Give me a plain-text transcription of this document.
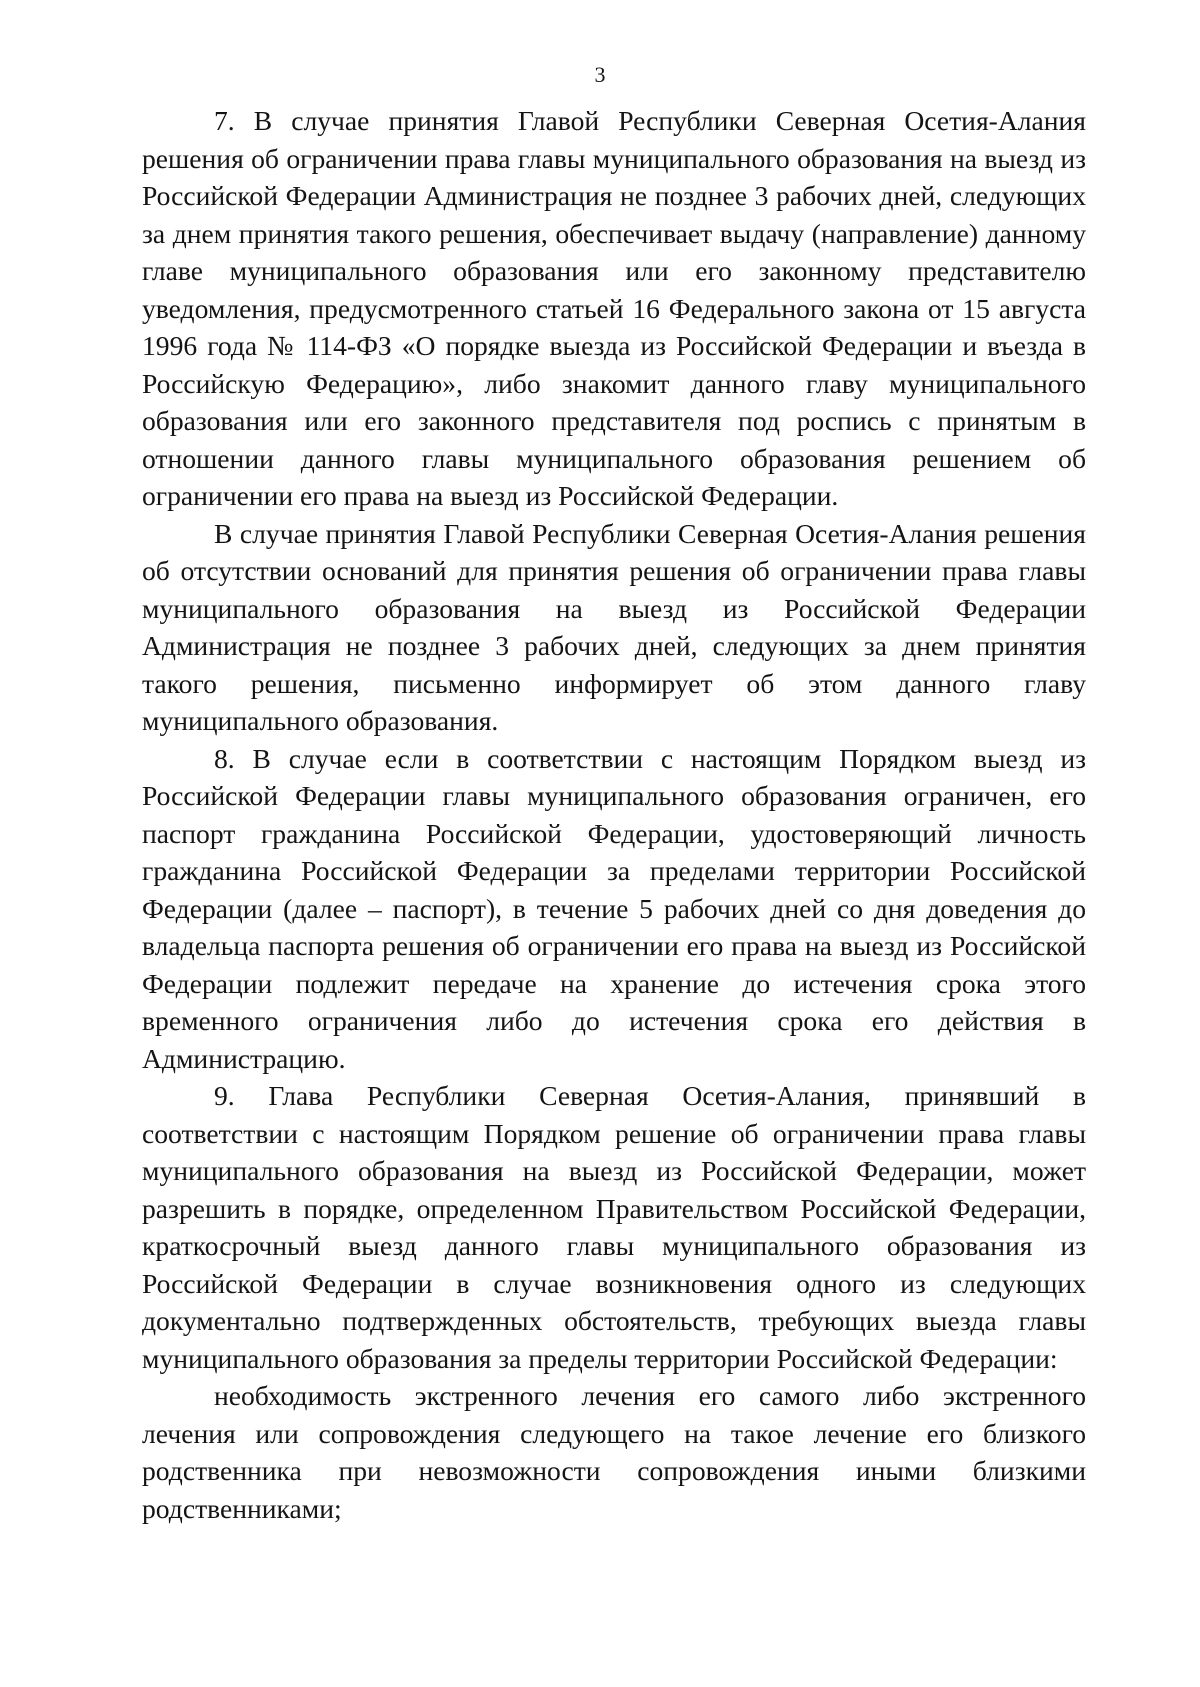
3

7. В случае принятия Главой Республики Северная Осетия-Алания решения об ограничении права главы муниципального образования на выезд из Российской Федерации Администрация не позднее 3 рабочих дней, следующих за днем принятия такого решения, обеспечивает выдачу (направление) данному главе муниципального образования или его законному представителю уведомления, предусмотренного статьей 16 Федерального закона от 15 августа 1996 года № 114-ФЗ «О порядке выезда из Российской Федерации и въезда в Российскую Федерацию», либо знакомит данного главу муниципального образования или его законного представителя под роспись с принятым в отношении данного главы муниципального образования решением об ограничении его права на выезд из Российской Федерации.

В случае принятия Главой Республики Северная Осетия-Алания решения об отсутствии оснований для принятия решения об ограничении права главы муниципального образования на выезд из Российской Федерации Администрация не позднее 3 рабочих дней, следующих за днем принятия такого решения, письменно информирует об этом данного главу муниципального образования.

8. В случае если в соответствии с настоящим Порядком выезд из Российской Федерации главы муниципального образования ограничен, его паспорт гражданина Российской Федерации, удостоверяющий личность гражданина Российской Федерации за пределами территории Российской Федерации (далее – паспорт), в течение 5 рабочих дней со дня доведения до владельца паспорта решения об ограничении его права на выезд из Российской Федерации подлежит передаче на хранение до истечения срока этого временного ограничения либо до истечения срока его действия в Администрацию.

9. Глава Республики Северная Осетия-Алания, принявший в соответствии с настоящим Порядком решение об ограничении права главы муниципального образования на выезд из Российской Федерации, может разрешить в порядке, определенном Правительством Российской Федерации, краткосрочный выезд данного главы муниципального образования из Российской Федерации в случае возникновения одного из следующих документально подтвержденных обстоятельств, требующих выезда главы муниципального образования за пределы территории Российской Федерации:

необходимость экстренного лечения его самого либо экстренного лечения или сопровождения следующего на такое лечение его близкого родственника при невозможности сопровождения иными близкими родственниками;
